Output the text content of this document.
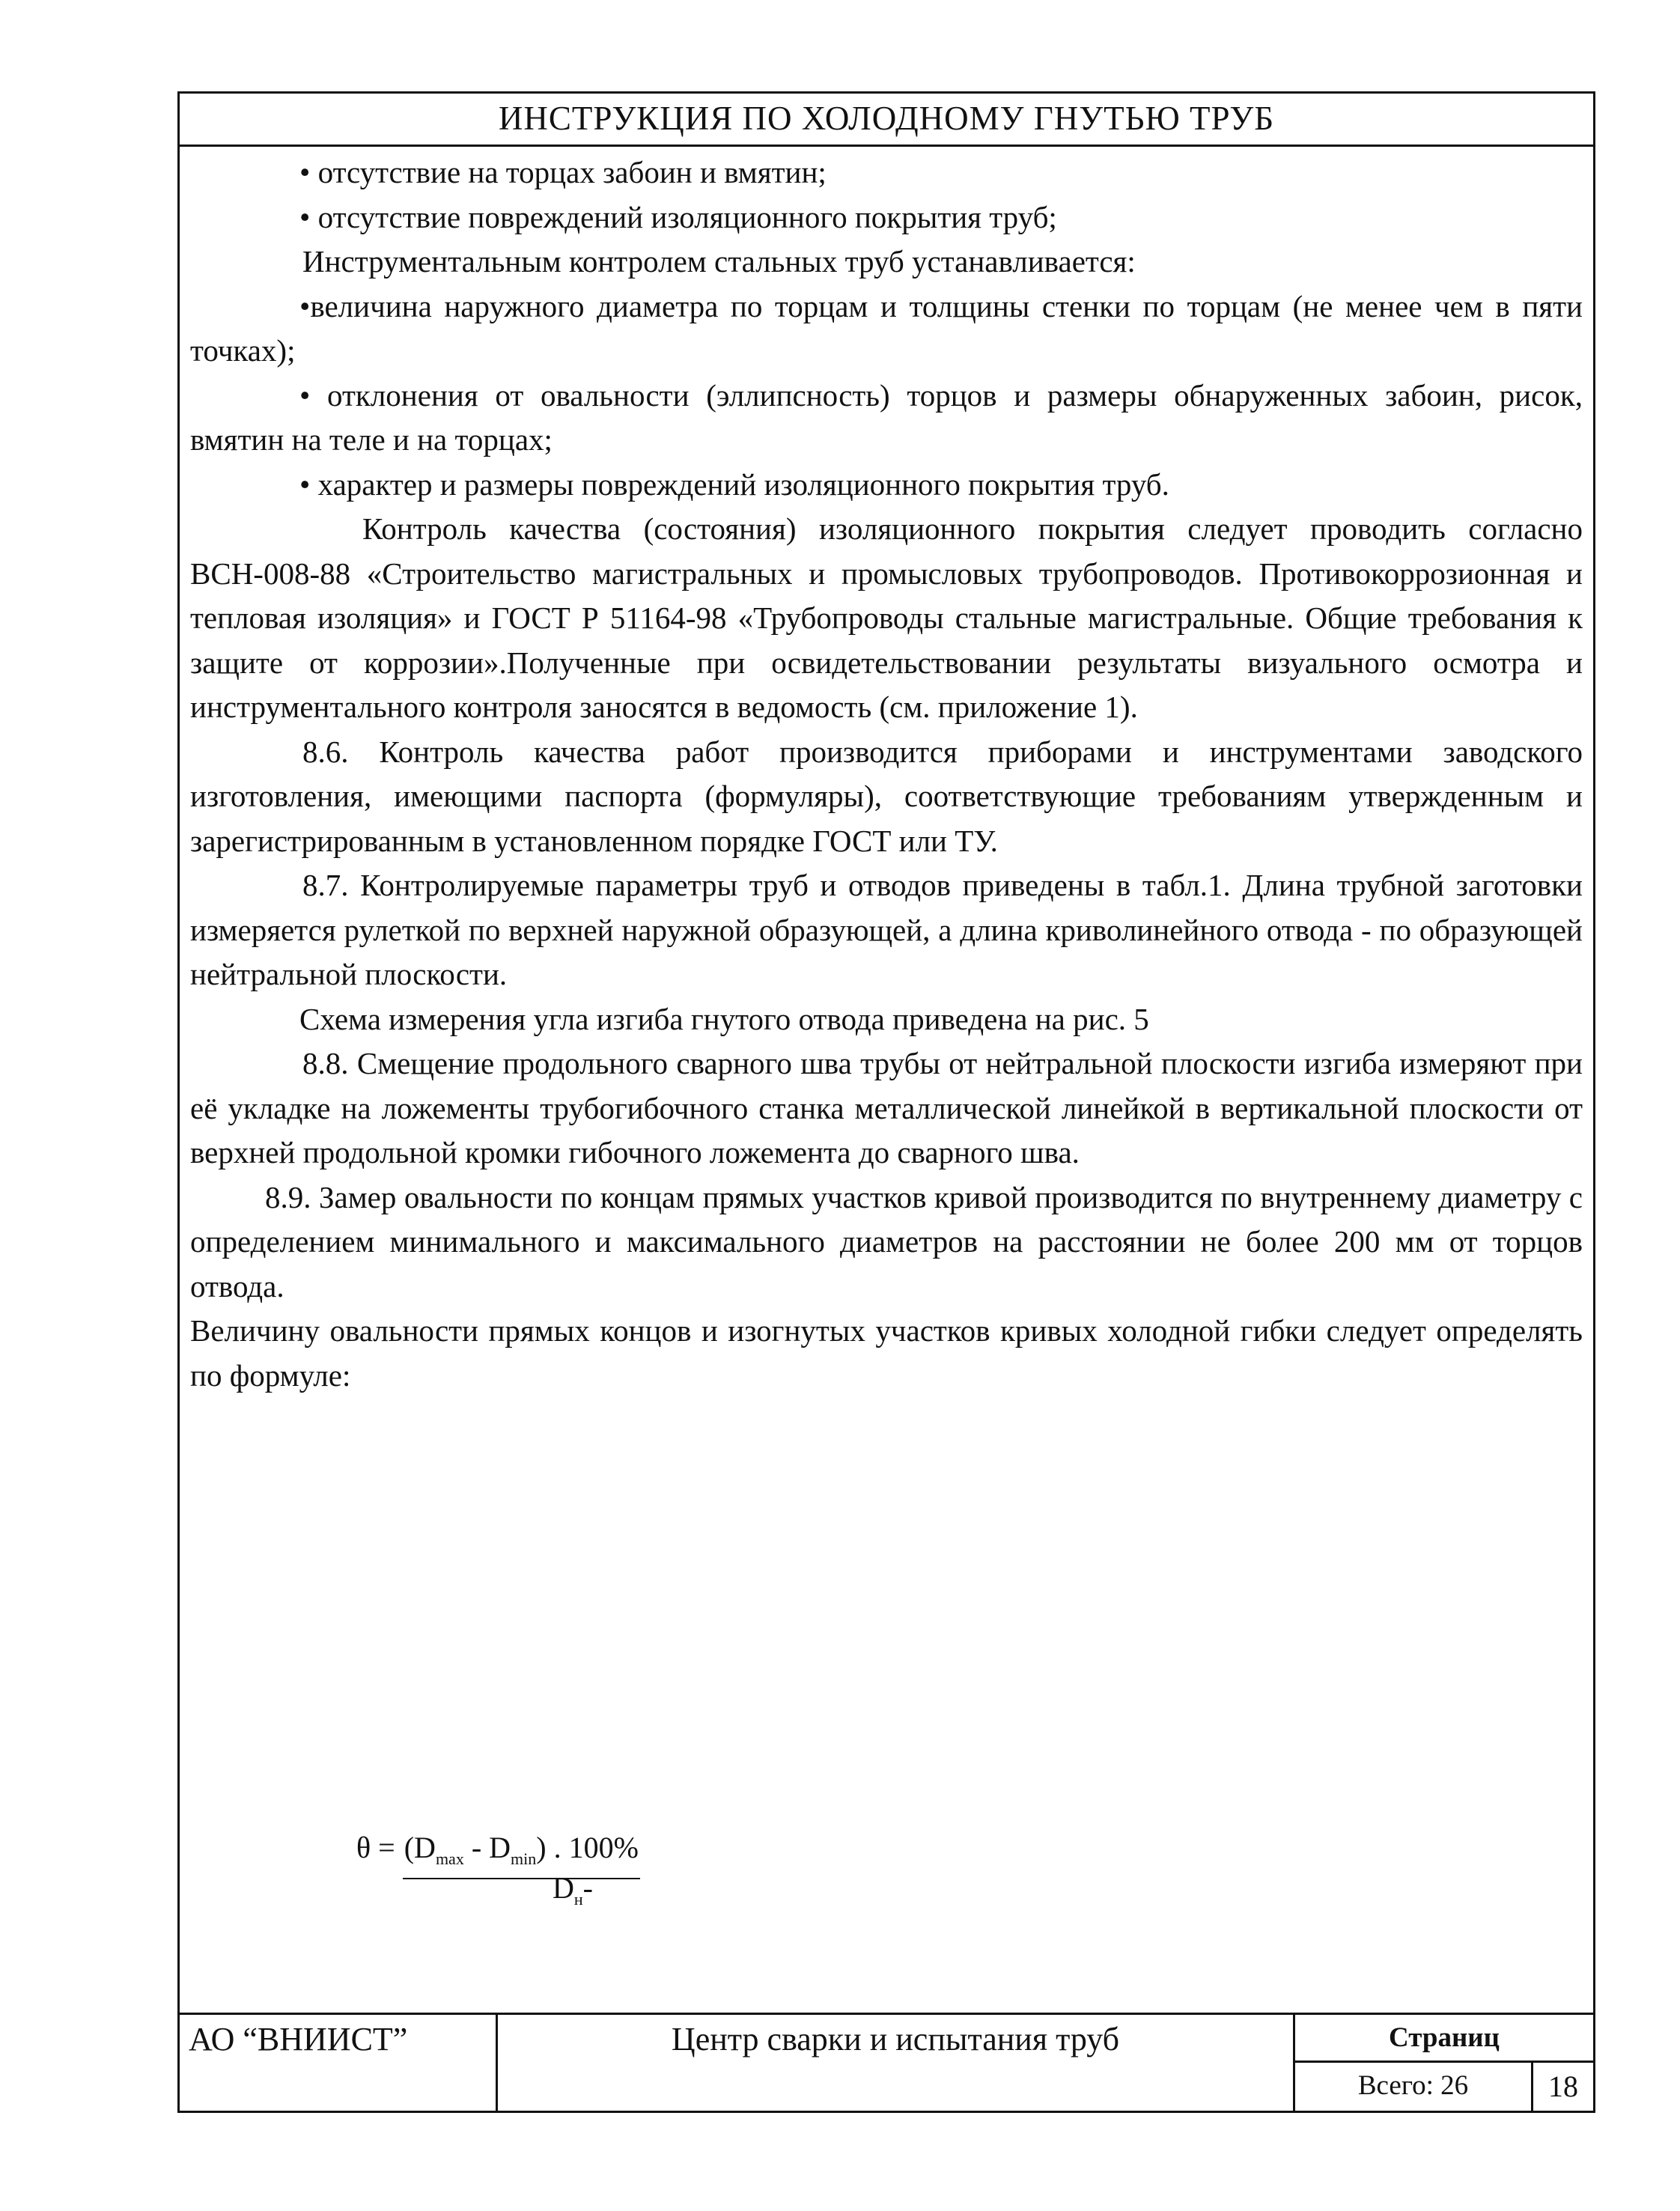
ИНСТРУКЦИЯ ПО ХОЛОДНОМУ ГНУТЬЮ ТРУБ

• отсутствие на торцах забоин и вмятин;

• отсутствие повреждений изоляционного покрытия труб;

Инструментальным контролем стальных труб устанавливается:

•величина наружного диаметра по торцам и толщины стенки по торцам (не менее чем в пяти точках);

• отклонения от овальности (эллипсность) торцов и размеры обнаруженных забоин, рисок, вмятин на теле и на торцах;

• характер и размеры повреждений изоляционного покрытия труб.

Контроль качества (состояния) изоляционного покрытия следует проводить согласно ВСН-008-88 «Строительство магистральных и промысловых трубопроводов. Противокоррозионная и тепловая изоляция» и ГОСТ Р 51164-98 «Трубопроводы стальные магистральные. Общие требования к защите от коррозии».Полученные при освидетельствовании результаты визуального осмотра и инструментального контроля заносятся в ведомость (см. приложение 1).

8.6. Контроль качества работ производится приборами и инструментами заводского изготовления, имеющими паспорта (формуляры), соответствующие требованиям утвержденным и зарегистрированным в установленном порядке ГОСТ или ТУ.

8.7. Контролируемые параметры труб и отводов приведены в табл.1. Длина трубной заготовки измеряется рулеткой по верхней наружной образующей, а длина криволинейного отвода - по образующей нейтральной плоскости.

Схема измерения угла изгиба гнутого отвода приведена на рис. 5

8.8. Смещение продольного сварного шва трубы от нейтральной плоскости изгиба измеряют при её укладке на ложементы трубогибочного станка металлической линейкой в вертикальной плоскости от верхней продольной кромки гибочного ложемента до сварного шва.

8.9. Замер овальности по концам прямых участков кривой производится по внутреннему диаметру с определением минимального и максимального диаметров на расстоянии не более 200 мм от торцов отвода.

Величину овальности прямых концов и изогнутых участков кривых холодной гибки следует определять по формуле:

$\theta = (D_{max} - D_{min})$ . 100%
$D_н-$
АО “ВНИИСТ”	Центр сварки и испытания труб	Страниц
Всего: 26	18
